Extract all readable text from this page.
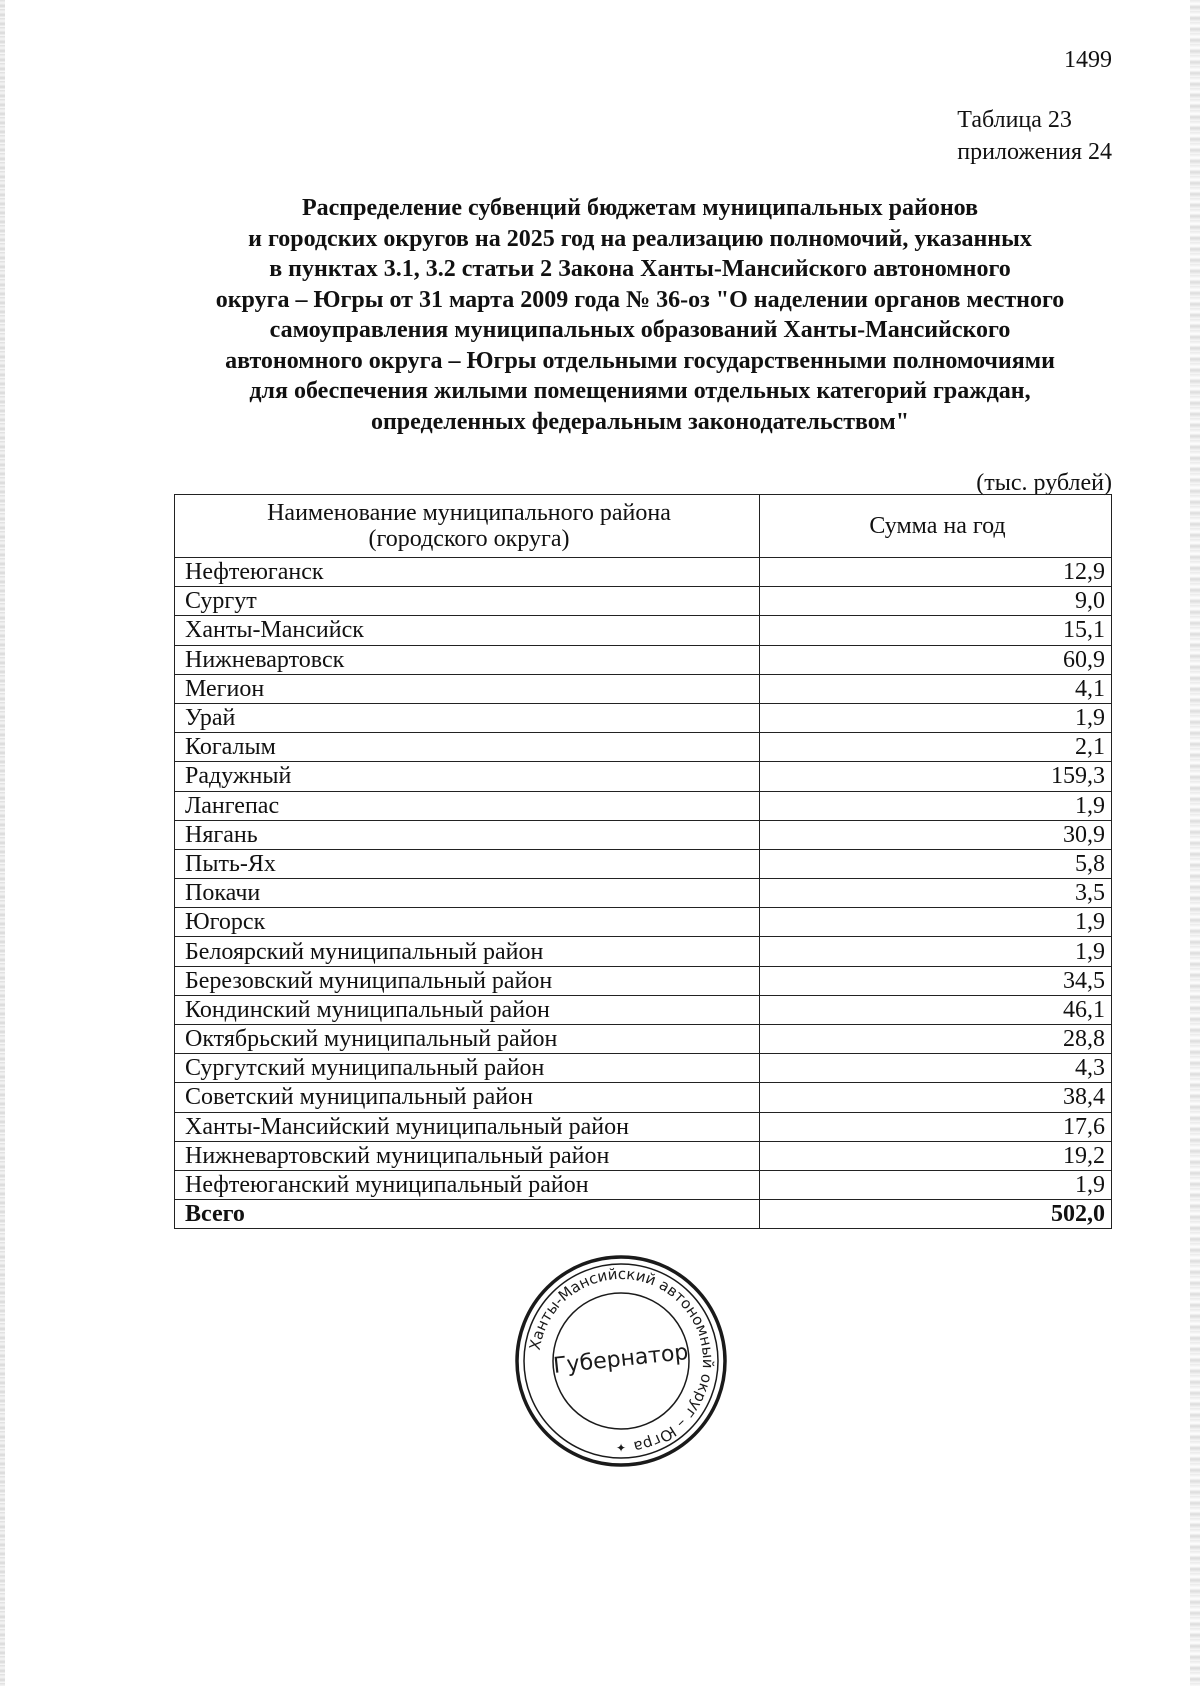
1499
Таблица 23
приложения 24
Распределение субвенций бюджетам муниципальных районов
и городских округов на 2025 год на реализацию полномочий, указанных
в пунктах 3.1, 3.2 статьи 2 Закона Ханты-Мансийского автономного
округа – Югры от 31 марта 2009 года № 36-оз "О наделении органов местного
самоуправления муниципальных образований Ханты-Мансийского
автономного округа – Югры отдельными государственными полномочиями
для обеспечения жилыми помещениями отдельных категорий граждан,
определенных федеральным законодательством"
(тыс. рублей)
Наименование муниципального района
(городского округа)	Сумма на год
Нефтеюганск	12,9
Сургут	9,0
Ханты-Мансийск	15,1
Нижневартовск	60,9
Мегион	4,1
Урай	1,9
Когалым	2,1
Радужный	159,3
Лангепас	1,9
Нягань	30,9
Пыть-Ях	5,8
Покачи	3,5
Югорск	1,9
Белоярский муниципальный район	1,9
Березовский муниципальный район	34,5
Кондинский муниципальный район	46,1
Октябрьский муниципальный район	28,8
Сургутский муниципальный район	4,3
Советский муниципальный район	38,4
Ханты-Мансийский муниципальный район	17,6
Нижневартовский муниципальный район	19,2
Нефтеюганский муниципальный район	1,9
Всего	502,0
Ханты-Мансийский автономный округ – Югра
Губернатор
✦
